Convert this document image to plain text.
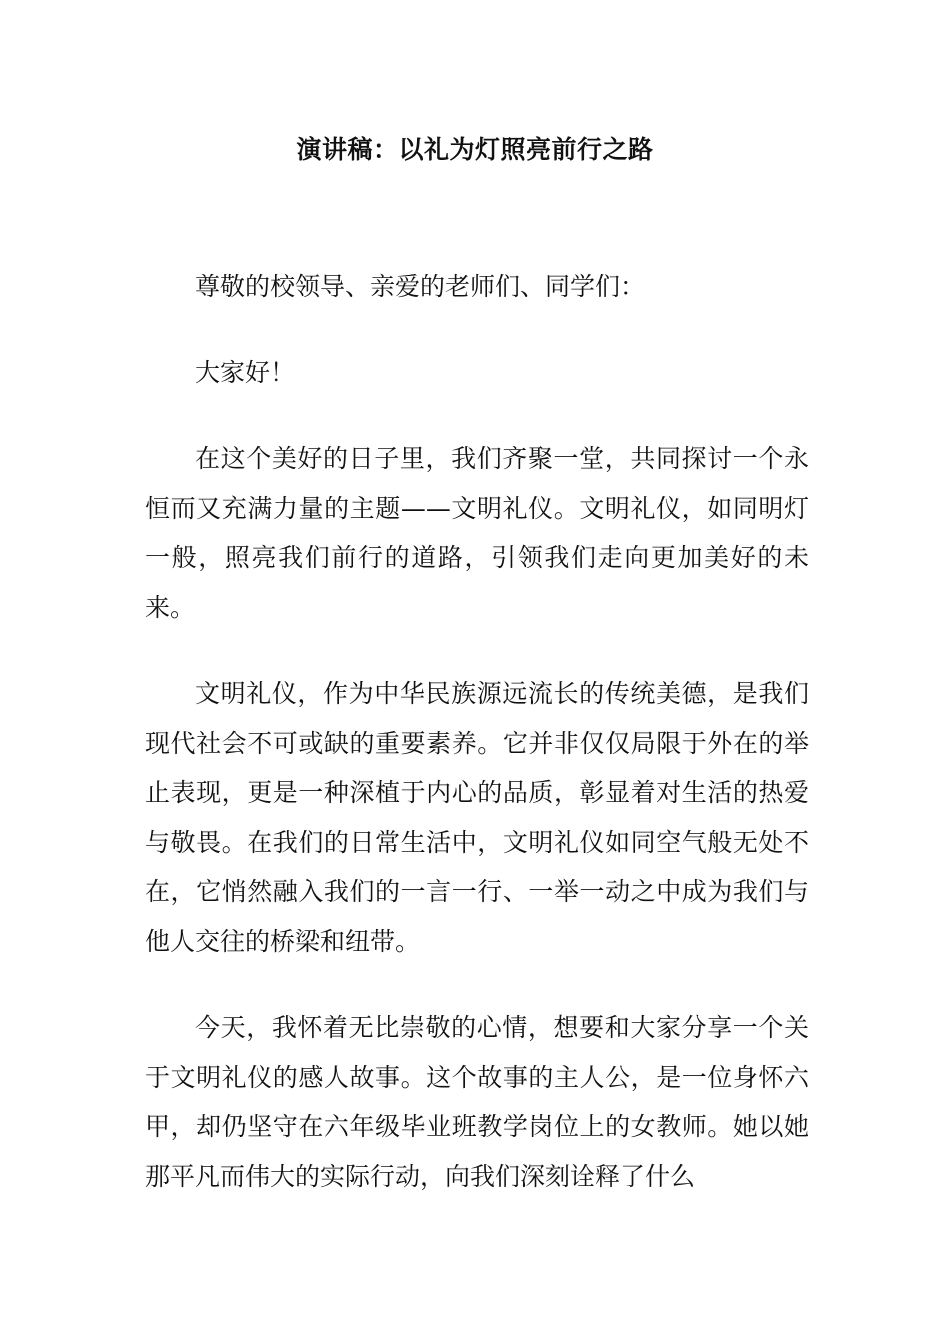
演讲稿：以礼为灯照亮前行之路
尊敬的校领导、亲爱的老师们、同学们：
大家好！
在这个美好的日子里，我们齐聚一堂，共同探讨一个永恒而又充满力量的主题——文明礼仪。文明礼仪，如同明灯一般，照亮我们前行的道路，引领我们走向更加美好的未来。
文明礼仪，作为中华民族源远流长的传统美德，是我们现代社会不可或缺的重要素养。它并非仅仅局限于外在的举止表现，更是一种深植于内心的品质，彰显着对生活的热爱与敬畏。在我们的日常生活中，文明礼仪如同空气般无处不在，它悄然融入我们的一言一行、一举一动之中成为我们与他人交往的桥梁和纽带。
今天，我怀着无比崇敬的心情，想要和大家分享一个关于文明礼仪的感人故事。这个故事的主人公，是一位身怀六甲，却仍坚守在六年级毕业班教学岗位上的女教师。她以她那平凡而伟大的实际行动，向我们深刻诠释了什么
